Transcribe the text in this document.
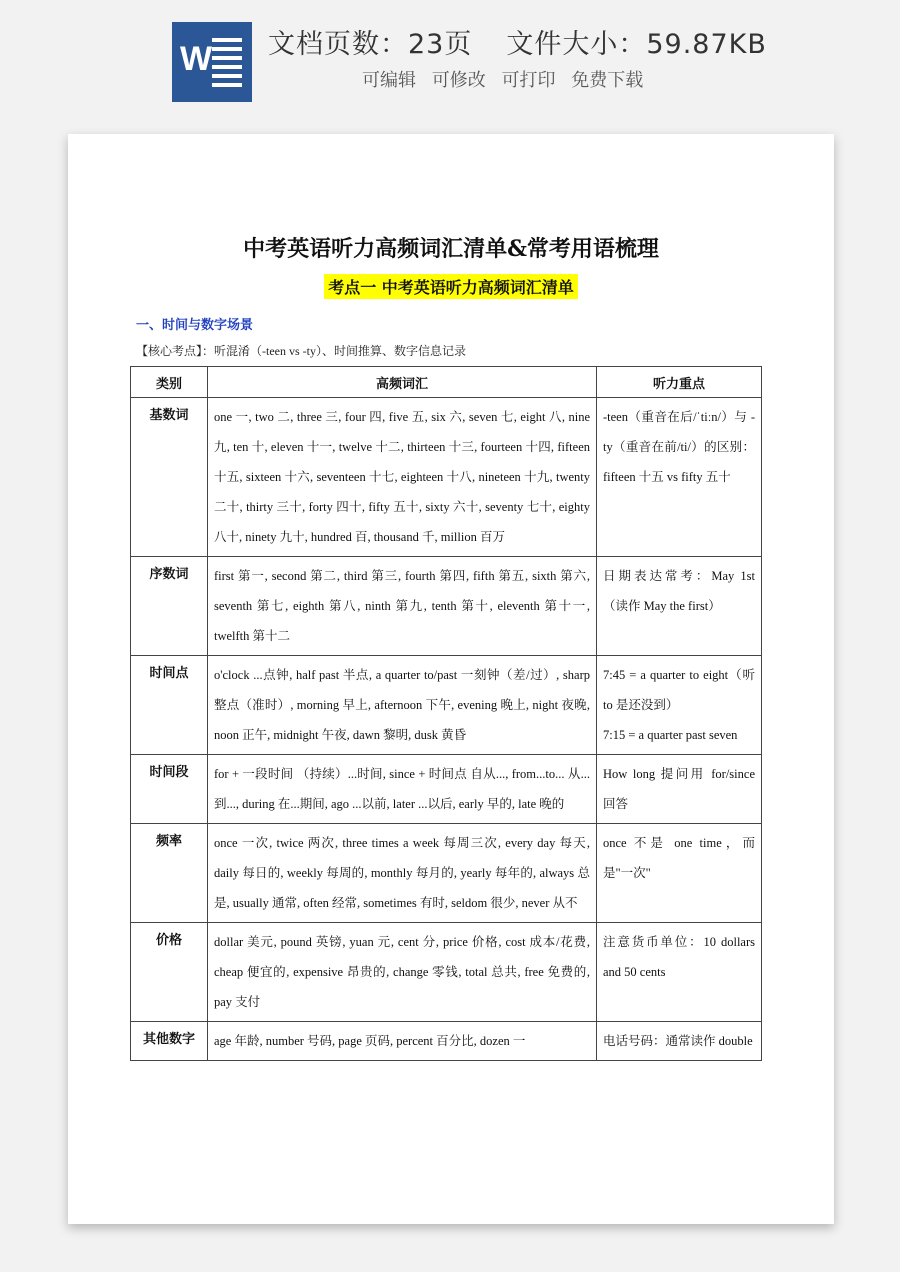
W 文档页数：23页 文件大小：59.87KB
可编辑 可修改 可打印 免费下载
中考英语听力高频词汇清单&常考用语梳理
考点一 中考英语听力高频词汇清单
一、时间与数字场景
【核心考点】：听混淆（-teen vs -ty）、时间推算、数字信息记录
类别	高频词汇	听力重点
基数词	one 一, two 二, three 三, four 四, five 五, six 六, seven 七, eight 八, nine 九, ten 十, eleven 十一, twelve 十二, thirteen 十三, fourteen 十四, fifteen 十五, sixteen 十六, seventeen 十七, eighteen 十八, nineteen 十九, twenty 二十, thirty 三十, forty 四十, fifty 五十, sixty 六十, seventy 七十, eighty 八十, ninety 九十, hundred 百, thousand 千, million 百万	-teen（重音在后/ˈtiːn/）与 -ty（重音在前/ti/）的区别：fifteen 十五 vs fifty 五十
序数词	first 第一, second 第二, third 第三, fourth 第四, fifth 第五, sixth 第六, seventh 第七, eighth 第八, ninth 第九, tenth 第十, eleventh 第十一, twelfth 第十二	日期表达常考：May 1st（读作 May the first）
时间点	o'clock ...点钟, half past 半点, a quarter to/past 一刻钟（差/过）, sharp 整点（准时）, morning 早上, afternoon 下午, evening 晚上, night 夜晚, noon 正午, midnight 午夜, dawn 黎明, dusk 黄昏	7:45 = a quarter to eight（听 to 是还没到）
7:15 = a quarter past seven
时间段	for + 一段时间 （持续）...时间, since + 时间点 自从..., from...to... 从...到..., during 在...期间, ago ...以前, later ...以后, early 早的, late 晚的	How long 提问用 for/since 回答
频率	once 一次, twice 两次, three times a week 每周三次, every day 每天, daily 每日的, weekly 每周的, monthly 每月的, yearly 每年的, always 总是, usually 通常, often 经常, sometimes 有时, seldom 很少, never 从不	once 不是 one time，而是"一次"
价格	dollar 美元, pound 英镑, yuan 元, cent 分, price 价格, cost 成本/花费, cheap 便宜的, expensive 昂贵的, change 零钱, total 总共, free 免费的, pay 支付	注意货币单位：10 dollars and 50 cents
其他数字	age 年龄, number 号码, page 页码, percent 百分比, dozen 一	电话号码：通常读作 double
